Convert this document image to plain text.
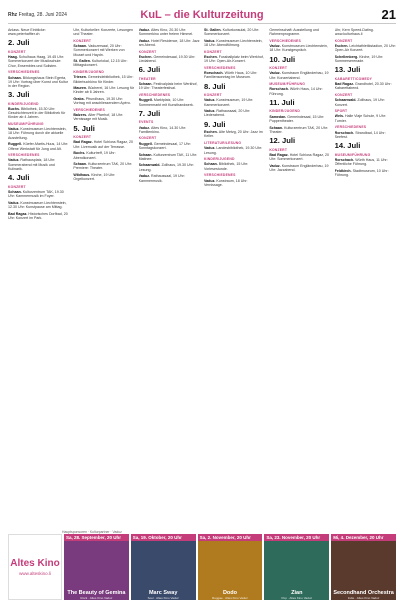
Rhz Freitag, 28. Juni 2024	KuL – die Kulturzeitung	21
Anlass. Neue Einblicke: www.peterhaffter.ch
2. Juli
KONZERT
Haag. Schulhaus Haag, 19.45 Uhr: Sommerkonzert der Musikschule: Chor, Ensembles und Solisten.
VERSCHIEDENES
Schaan. Bildungshaus Stein Egerta, 19 Uhr: Vortrag über Kunst und Kultur in der Region.
3. Juli
KINDER/JUGEND
Buchs. Bibliothek, 15.30 Uhr: Geschichtenzeit in der Bibliothek für Kinder ab 4 Jahren.
MUSEUM/FÜHRUNG
Vaduz. Kunstmuseum Liechtenstein, 18 Uhr: Führung durch die aktuelle Ausstellung.
Ruggell. Küefer-Martis-Huus, 14 Uhr: Offene Werkstatt für Jung und Alt.
VERSCHIEDENES
Vaduz. Rathausplatz, 18 Uhr: Sommerabend mit Musik und Kulinarik.
4. Juli
KONZERT
Schaan. Kulturzentrum TAK, 19.30 Uhr: Kammermusik im Foyer.
Vaduz. Kunstmuseum Liechtenstein, 12.30 Uhr: Kunstpause am Mittag.
Bad Ragaz. Historisches Dorfbad, 20 Uhr: Konzert im Park.
Uhr, Kulturkeller: Konzerte, Lesungen und Theater.
KONZERT
Schaan. Vaduzersaal, 20 Uhr: Sommerkonzert mit Werken von Mozart und Haydn.
St. Gallen. Kulturlokal, 12.15 Uhr: Mittagskonzert.
KINDER/JUGEND
Triesen. Gemeindebibliothek, 15 Uhr: Bilderbuchkino für Kinder.
Mauren. Bücherei, 16 Uhr: Lesung für Kinder ab 6 Jahren.
Grabs. Pfrundhaus, 19.30 Uhr: Vortrag mit anschliessendem Apéro.
VERSCHIEDENES
Balzers. Alter Pfarrhof, 18 Uhr: Vernissage mit Musik.
5. Juli
KONZERT
Bad Ragaz. Hotel Schloss Ragaz, 20 Uhr: Livemusik auf der Terrasse.
Buchs. Kulturtreff, 19 Uhr: Abendkonzert.
Schaan. Kulturzentrum TAK, 20 Uhr: Premiere: Theater.
Wildhaus. Kirche, 19 Uhr: Orgelkonzert.
Vaduz. Altes Kino, 20.30 Uhr: Sommerkino unter freiem Himmel.
Vaduz. Hotel Residence, 18 Uhr: Jazz am Abend.
KONZERT
Eschen. Gemeindesaal, 19.30 Uhr: Liedabend.
6. Juli
THEATER
Schaan. Festivalplatz beim Werkhof, 19 Uhr: Theaterfestival.
VERSCHIEDENES
Ruggell. Marktplatz, 10 Uhr: Sommermarkt mit Kunsthandwerk.
7. Juli
EVENTS
Vaduz. Altes Kino, 14.30 Uhr: Familienkino.
KONZERT
Ruggell. Gemeindesaal, 17 Uhr: Sonntagskonzert.
Schaan. Kulturzentrum TAK, 11 Uhr: Matinee.
Schaanwald. Zollhaus, 19.30 Uhr: Lesung.
Vaduz. Rathaussaal, 19 Uhr: Kammermusik.
St. Gallen. Kulturkonsulat, 20 Uhr: Sommerkonzert.
Vaduz. Kunstmuseum Liechtenstein, 18 Uhr: Abendführung.
KONZERT
Eschen. Fussballplatz beim Werkhof, 19 Uhr: Open-Air-Konzert.
VERSCHIEDENES
Rorschach. Würth Haus, 10 Uhr: Familiensonntag im Museum.
8. Juli
KONZERT
Vaduz. Kunstmuseum, 19 Uhr: Kammerkonzert.
Vaduz. Rathaussaal, 20 Uhr: Liederabend.
9. Juli
Eschen. Alte Metzg, 20 Uhr: Jazz im Keller.
LITERATUR/LESUNG
Vaduz. Landesbibliothek, 19.30 Uhr: Lesung.
KINDER/JUGEND
Schaan. Bibliothek, 15 Uhr: Vorlesestunde.
VERSCHIEDENES
Vaduz. Kunstraum, 18 Uhr: Vernissage.
Gemeinschaft: Ausstellung und Rahmenprogramm.
VERSCHIEDENES
Vaduz. Kunstmuseum Liechtenstein, 18 Uhr: Kunstgespräch.
10. Juli
KONZERT
Vaduz. Kunstraum Engländerbau, 19 Uhr: Konzertabend.
MUSEUM/FÜHRUNG
Rorschach. Würth Haus, 14 Uhr: Führung.
11. Juli
KINDER/JUGEND
Samedan. Gemeindesaal, 15 Uhr: Puppentheater.
Schaan. Kulturzentrum TAK, 20 Uhr: Theater.
12. Juli
KONZERT
Bad Ragaz. Hotel Schloss Ragaz, 20 Uhr: Sommerkonzert.
Vaduz. Kunstraum Engländerbau, 19 Uhr: Jazzabend.
Uhr, Kern Speed-Dating. www.kulturhaus.li
KONZERT
Eschen. Leichtathletikstadion, 20 Uhr: Open-Air Konzert.
Schellenberg. Kirche, 19 Uhr: Sommerserenade.
13. Juli
KABARETT/COMEDY
Bad Ragaz. Grandhotel, 20.30 Uhr: Kabarettabend.
KONZERT
Schaanwald. Zollhaus, 19 Uhr: Konzert.
SPORT
Wels. Halle Vlaje Schule, 9 Uhr: Turnier.
VERSCHIEDENES
Rorschach. Strandbad, 14 Uhr: Seefest.
14. Juli
MUSEUM/FÜHRUNG
Rorschach. Würth Haus, 11 Uhr: Öffentliche Führung.
Feldkirch. Stadtmuseum, 10 Uhr: Führung.
Hauptsponsoren · Kulturpartner · Vaduz
Altes Kino
www.alteskino.li
Sa, 28. September, 20 Uhr
The Beauty of Gemina
Rock · Altes Kino Vaduz
Sa, 19. Oktober, 20 Uhr
Marc Sway
Soul · Altes Kino Vaduz
Sa, 2. November, 20 Uhr
Dodo
Reggae · Altes Kino Vaduz
Sa, 23. November, 20 Uhr
Zian
Pop · Altes Kino Vaduz
Mi, 4. Dezember, 20 Uhr
Secondhand Orchestra
Indie · Altes Kino Vaduz
